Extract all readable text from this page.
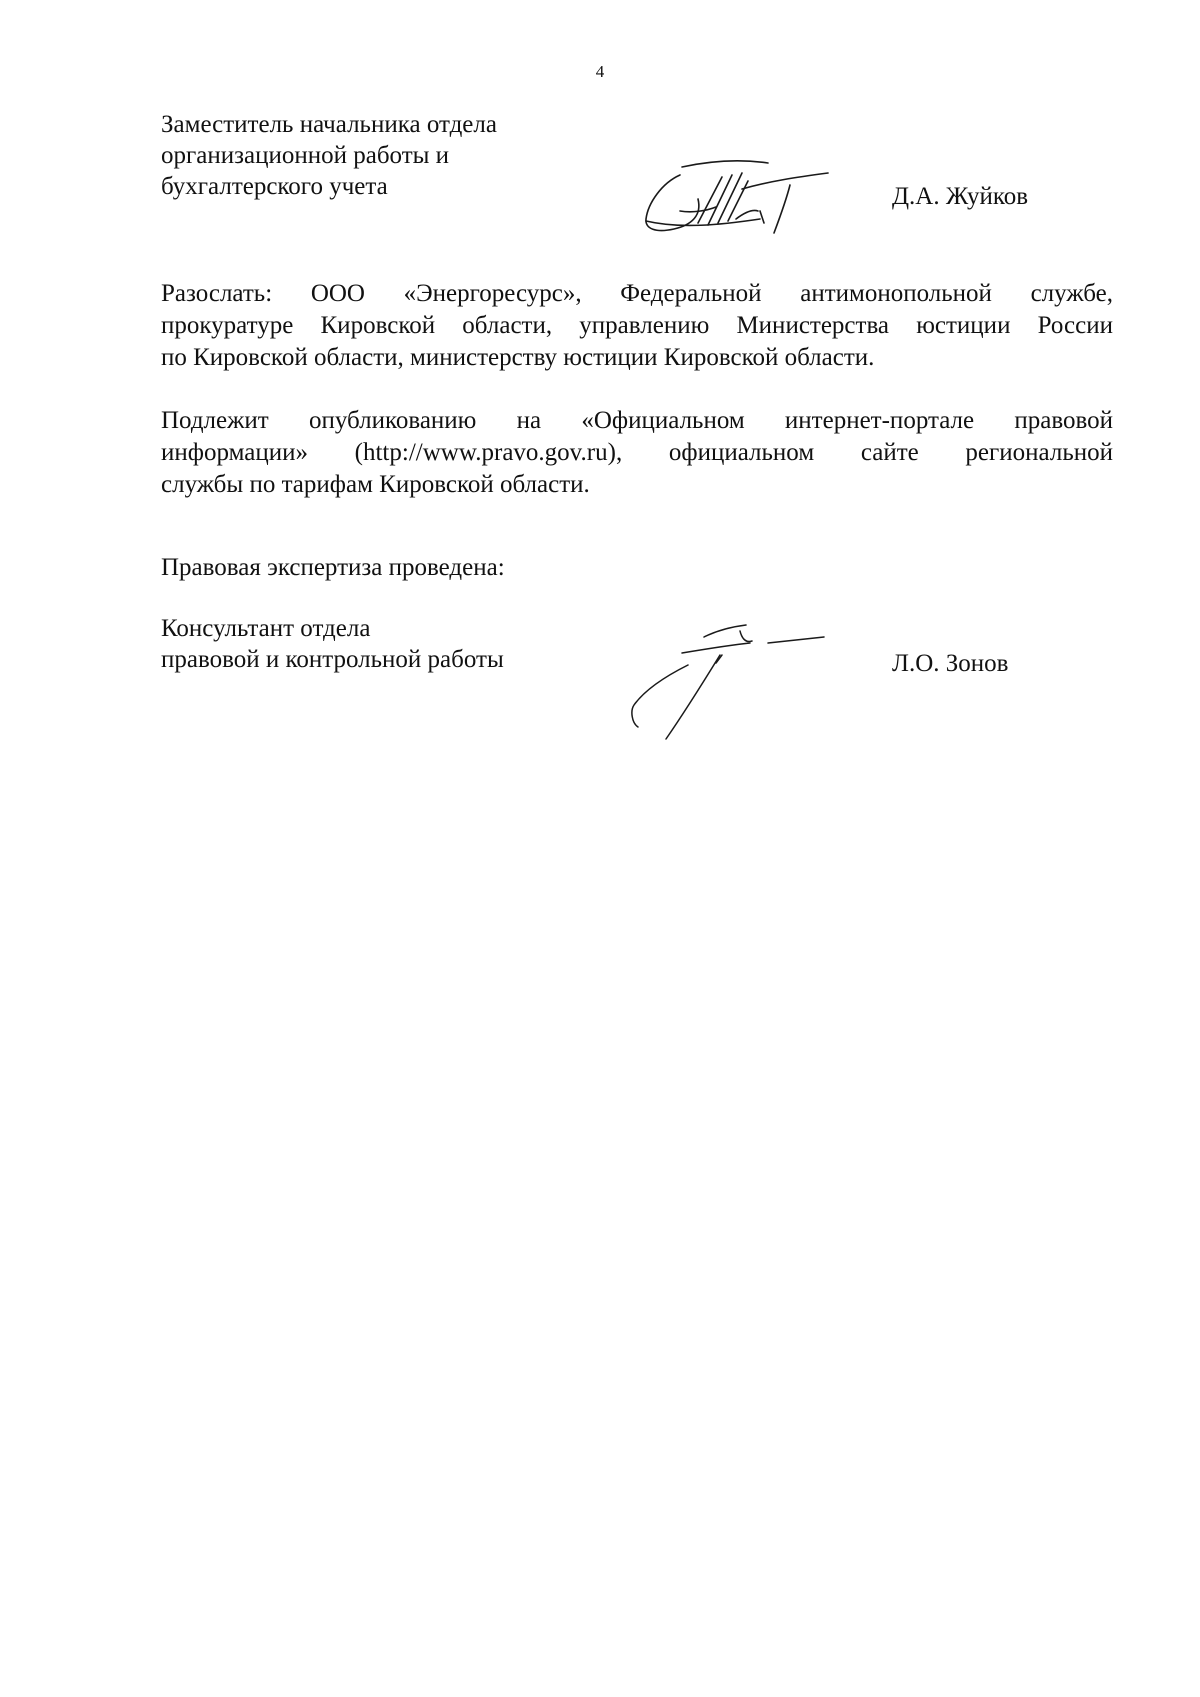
4
Заместитель начальника отдела
организационной работы и
бухгалтерского учета	Д.А. Жуйков
Разослать: ООО «Энергоресурс», Федеральной антимонопольной службе,
прокуратуре Кировской области, управлению Министерства юстиции России
по Кировской области, министерству юстиции Кировской области.
Подлежит опубликованию на «Официальном интернет-портале правовой
информации» (http://www.pravo.gov.ru), официальном сайте региональной
службы по тарифам Кировской области.
Правовая экспертиза проведена:
Консультант отдела
правовой и контрольной работы	Л.О. Зонов
